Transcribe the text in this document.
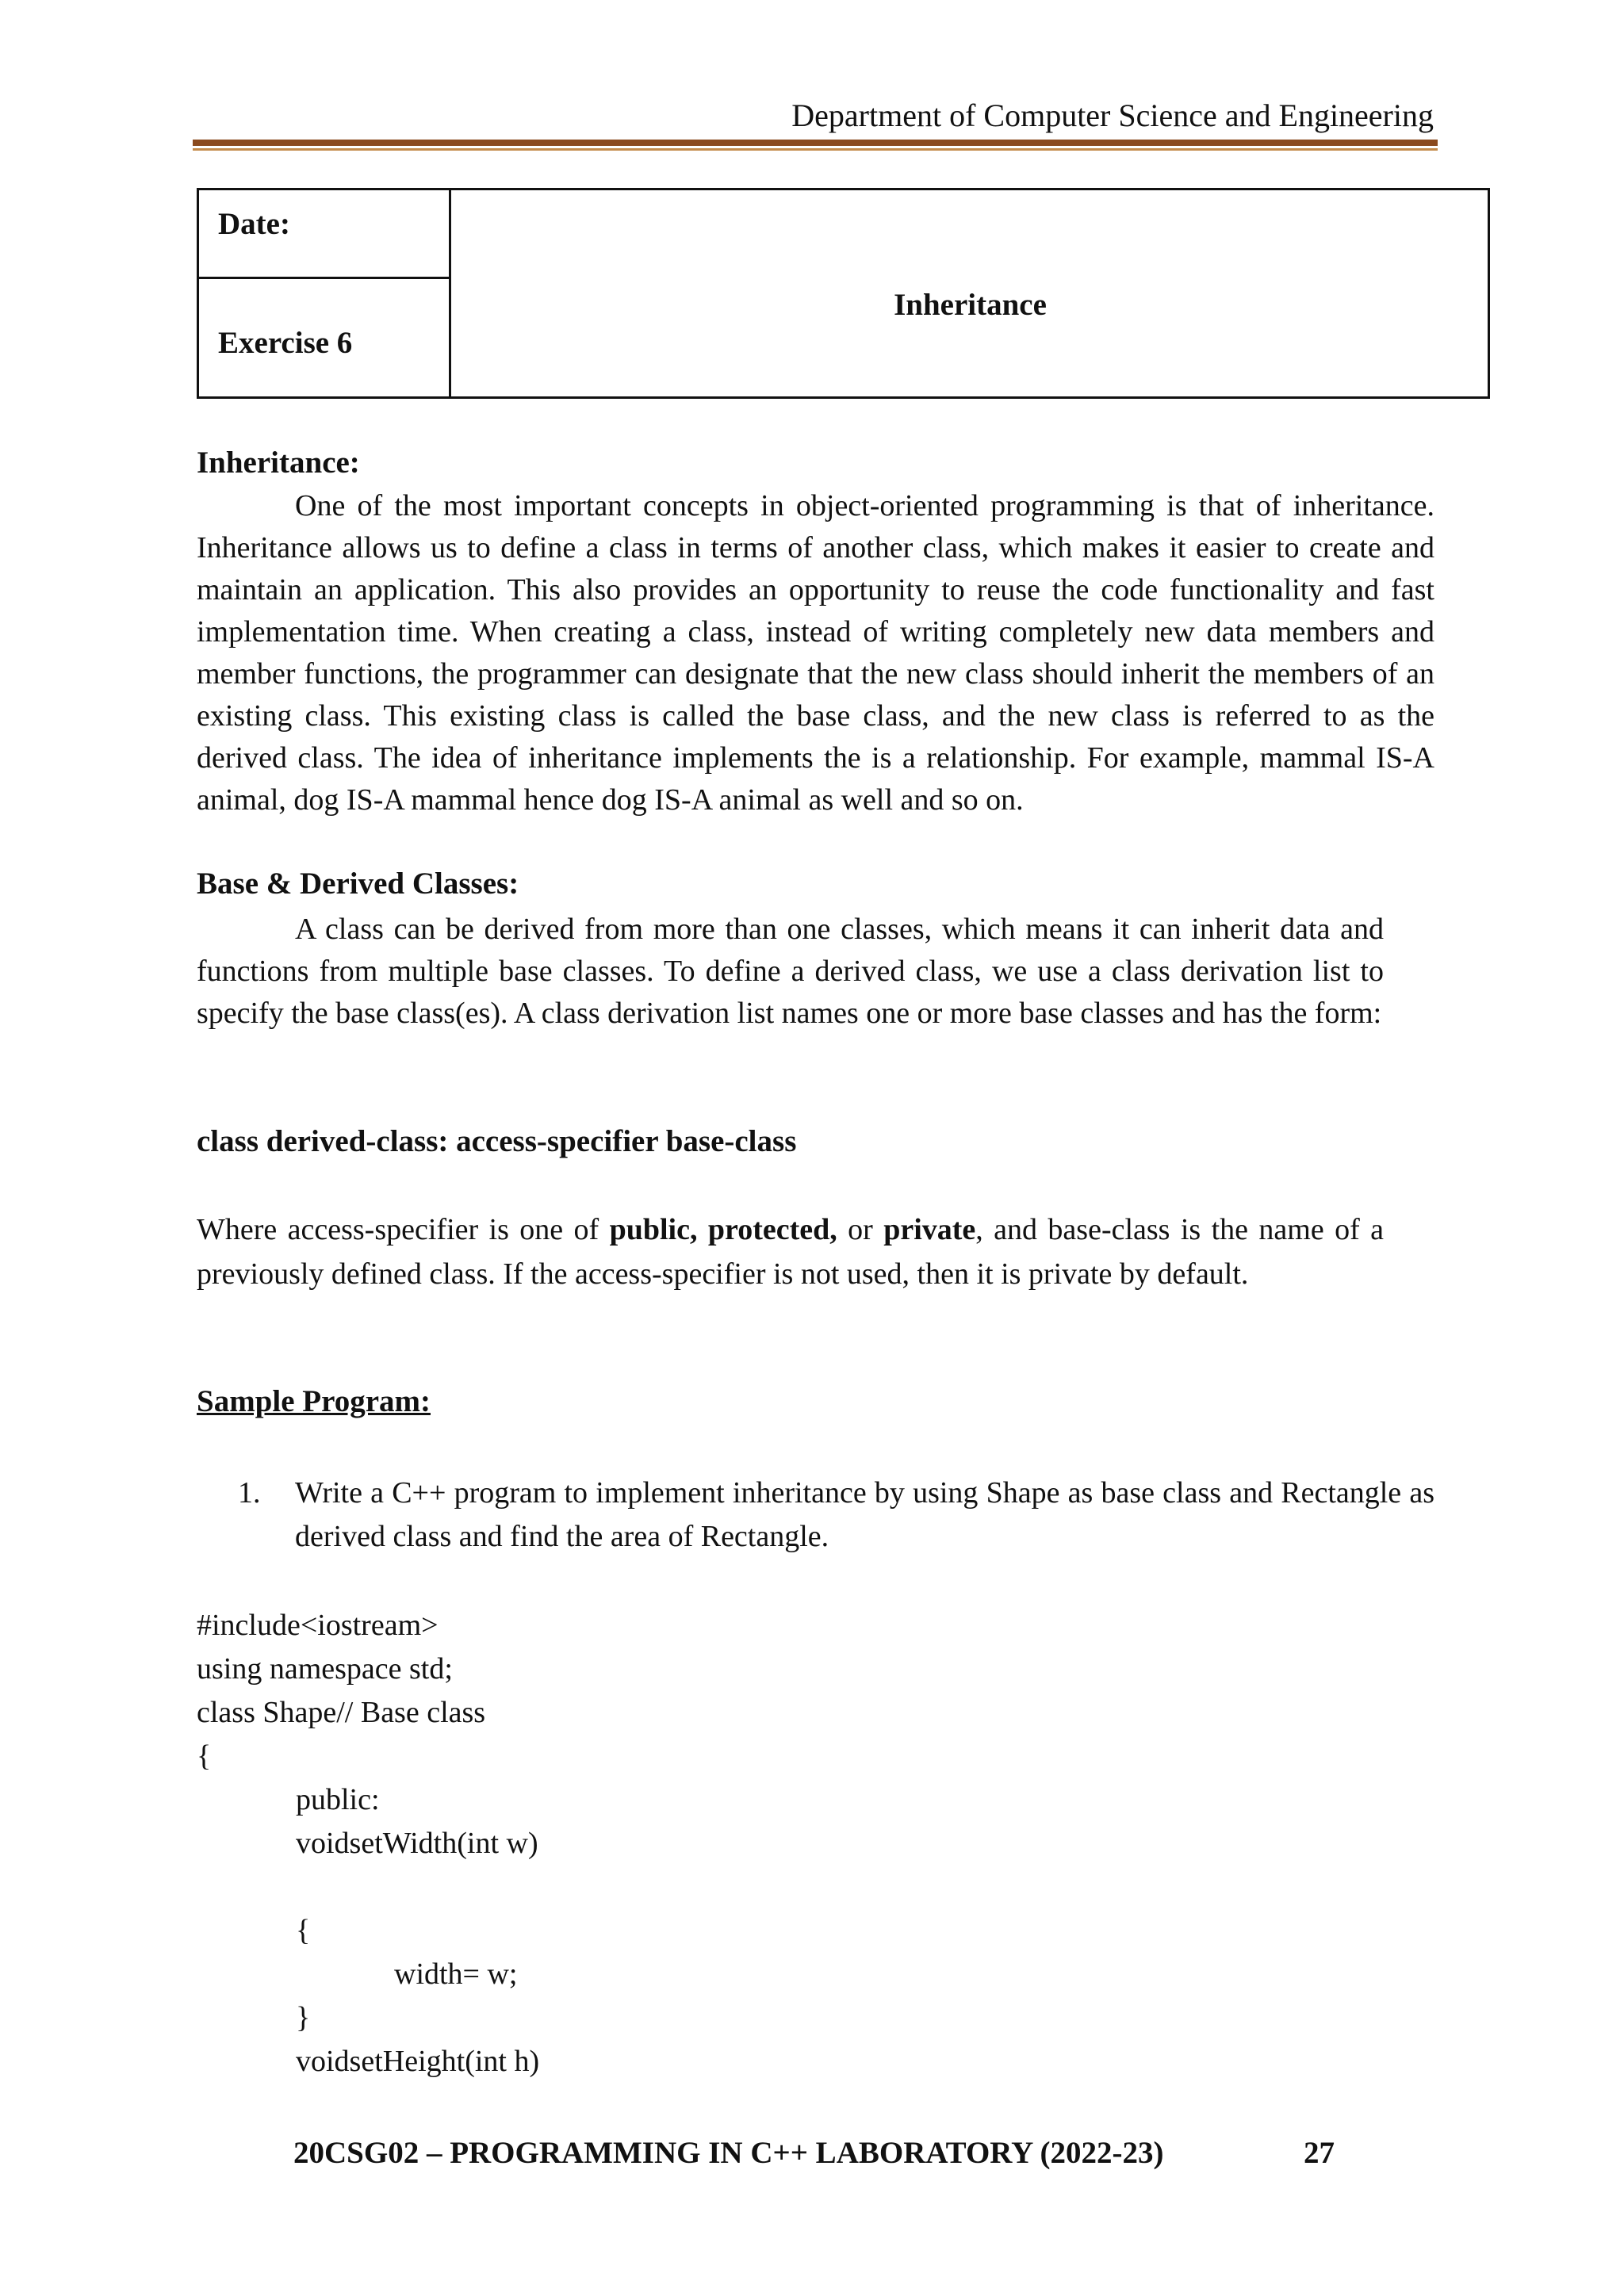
Department of Computer Science and Engineering
Date:
Exercise 6
Inheritance
Inheritance:
One of the most important concepts in object-oriented programming is that of inheritance. Inheritance allows us to define a class in terms of another class, which makes it easier to create and maintain an application. This also provides an opportunity to reuse the code functionality and fast implementation time. When creating a class, instead of writing completely new data members and member functions, the programmer can designate that the new class should inherit the members of an existing class. This existing class is called the base class, and the new class is referred to as the derived class. The idea of inheritance implements the is a relationship. For example, mammal IS-A animal, dog IS-A mammal hence dog IS-A animal as well and so on.
Base & Derived Classes:
A class can be derived from more than one classes, which means it can inherit data and functions from multiple base classes. To define a derived class, we use a class derivation list to specify the base class(es). A class derivation list names one or more base classes and has the form:
class derived-class: access-specifier base-class
Where access-specifier is one of public, protected, or private, and base-class is the name of a previously defined class. If the access-specifier is not used, then it is private by default.
Sample Program:
1. Write a C++ program to implement inheritance by using Shape as base class and Rectangle as derived class and find the area of Rectangle.
#include<iostream>
using namespace std;
class Shape// Base class
{
public:
voidsetWidth(int w)
{
width= w;
}
voidsetHeight(int h)
20CSG02 – PROGRAMMING IN C++ LABORATORY (2022-23)	27
